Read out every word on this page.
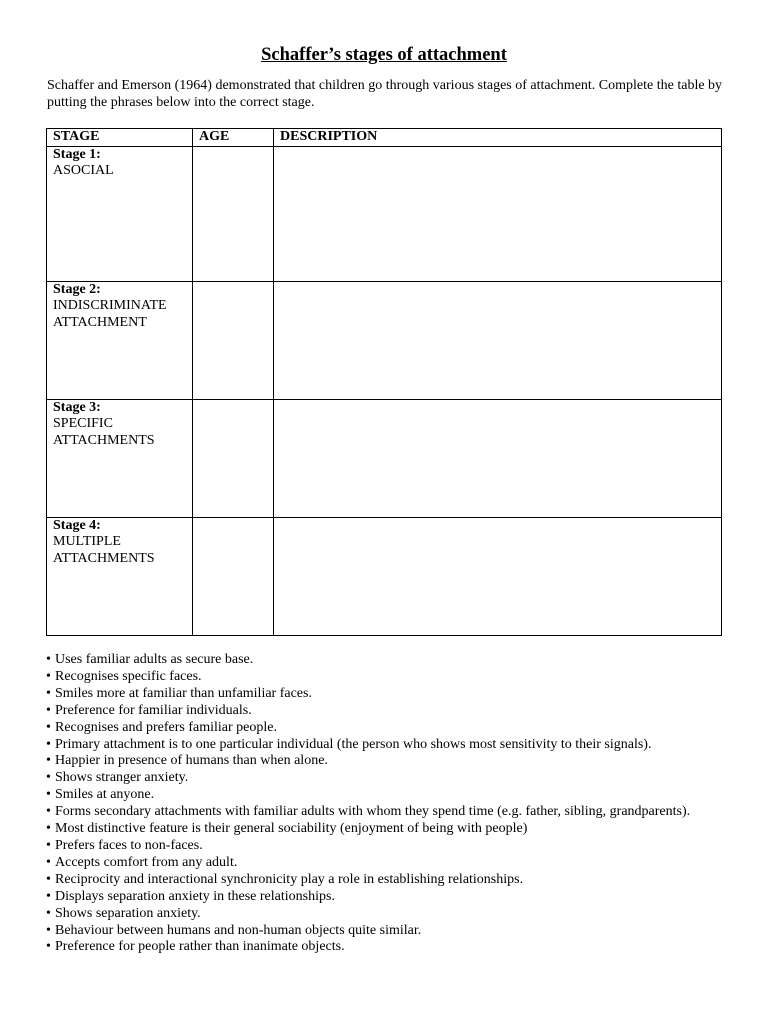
Schaffer’s stages of attachment
Schaffer and Emerson (1964) demonstrated that children go through various stages of attachment. Complete the table by putting the phrases below into the correct stage.
STAGE	AGE	DESCRIPTION

Stage 1:
ASOCIAL		

Stage 2:
INDISCRIMINATE ATTACHMENT		

Stage 3:
SPECIFIC ATTACHMENTS		

Stage 4:
MULTIPLE ATTACHMENTS		

• Uses familiar adults as secure base.
• Recognises specific faces.
• Smiles more at familiar than unfamiliar faces.
• Preference for familiar individuals.
• Recognises and prefers familiar people.
• Primary attachment is to one particular individual (the person who shows most sensitivity to their signals).
• Happier in presence of humans than when alone.
• Shows stranger anxiety.
• Smiles at anyone.
• Forms secondary attachments with familiar adults with whom they spend time (e.g. father, sibling, grandparents).
• Most distinctive feature is their general sociability (enjoyment of being with people)
• Prefers faces to non-faces.
• Accepts comfort from any adult.
• Reciprocity and interactional synchronicity play a role in establishing relationships.
• Displays separation anxiety in these relationships.
• Shows separation anxiety.
• Behaviour between humans and non-human objects quite similar.
• Preference for people rather than inanimate objects.
